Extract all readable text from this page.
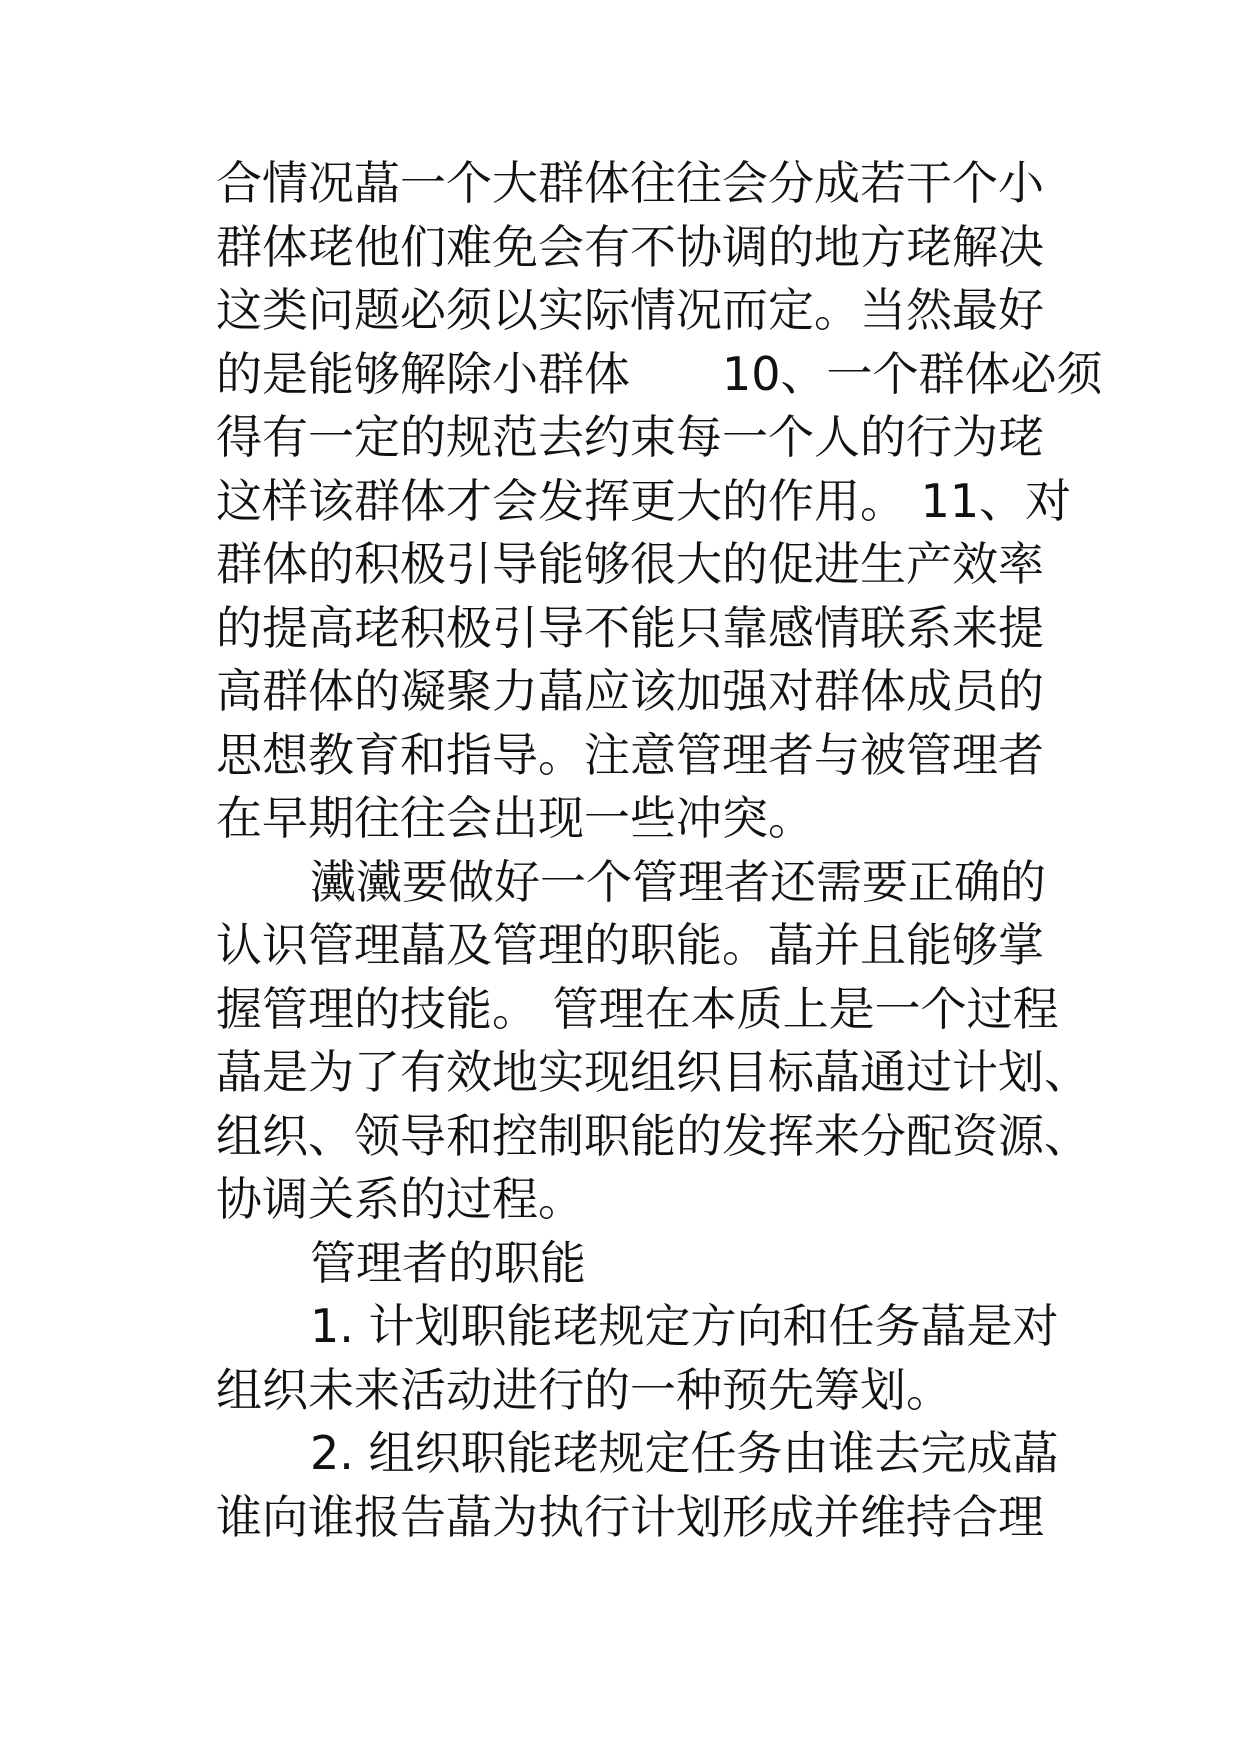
合情况蕌一个大群体往往会分成若干个小
群体珯他们难免会有不协调的地方珯解决
这类问题必须以实际情况而定。当然最好
的是能够解除小群体　　10、一个群体必须
得有一定的规范去约束每一个人的行为珯
这样该群体才会发挥更大的作用。 11、对
群体的积极引导能够很大的促进生产效率
的提高珯积极引导不能只靠感情联系来提
高群体的凝聚力蕌应该加强对群体成员的
思想教育和指导。注意管理者与被管理者
在早期往往会出现一些冲突。
瀻瀻要做好一个管理者还需要正确的
认识管理蕌及管理的职能。蕌并且能够掌
握管理的技能。 管理在本质上是一个过程
蕌是为了有效地实现组织目标蕌通过计划、
组织、领导和控制职能的发挥来分配资源、
协调关系的过程。
管理者的职能
1. 计划职能珯规定方向和任务蕌是对
组织未来活动进行的一种预先筹划。
2. 组织职能珯规定任务由谁去完成蕌
谁向谁报告蕌为执行计划形成并维持合理
